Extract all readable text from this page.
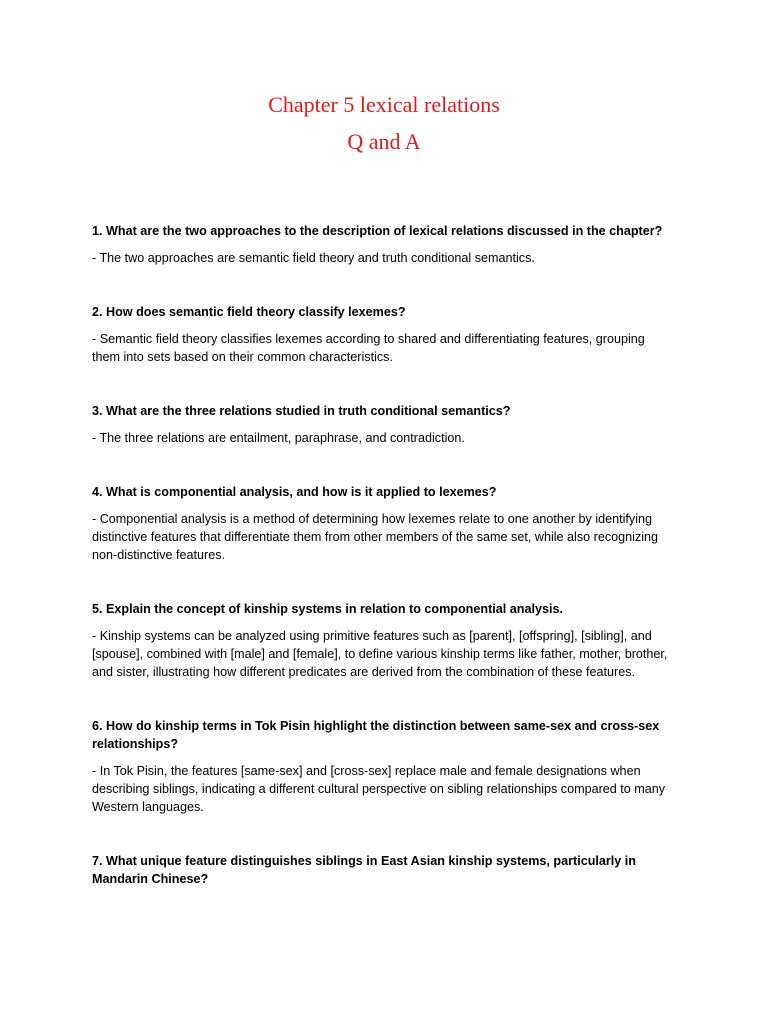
Chapter 5 lexical relations
Q and A

1. What are the two approaches to the description of lexical relations discussed in the chapter?

- The two approaches are semantic field theory and truth conditional semantics.

2. How does semantic field theory classify lexemes?

- Semantic field theory classifies lexemes according to shared and differentiating features, grouping them into sets based on their common characteristics.

3. What are the three relations studied in truth conditional semantics?

- The three relations are entailment, paraphrase, and contradiction.

4. What is componential analysis, and how is it applied to lexemes?

- Componential analysis is a method of determining how lexemes relate to one another by identifying distinctive features that differentiate them from other members of the same set, while also recognizing non-distinctive features.

5. Explain the concept of kinship systems in relation to componential analysis.

- Kinship systems can be analyzed using primitive features such as [parent], [offspring], [sibling], and [spouse], combined with [male] and [female], to define various kinship terms like father, mother, brother, and sister, illustrating how different predicates are derived from the combination of these features.

6. How do kinship terms in Tok Pisin highlight the distinction between same-sex and cross-sex relationships?

- In Tok Pisin, the features [same-sex] and [cross-sex] replace male and female designations when describing siblings, indicating a different cultural perspective on sibling relationships compared to many Western languages.

7. What unique feature distinguishes siblings in East Asian kinship systems, particularly in Mandarin Chinese?
